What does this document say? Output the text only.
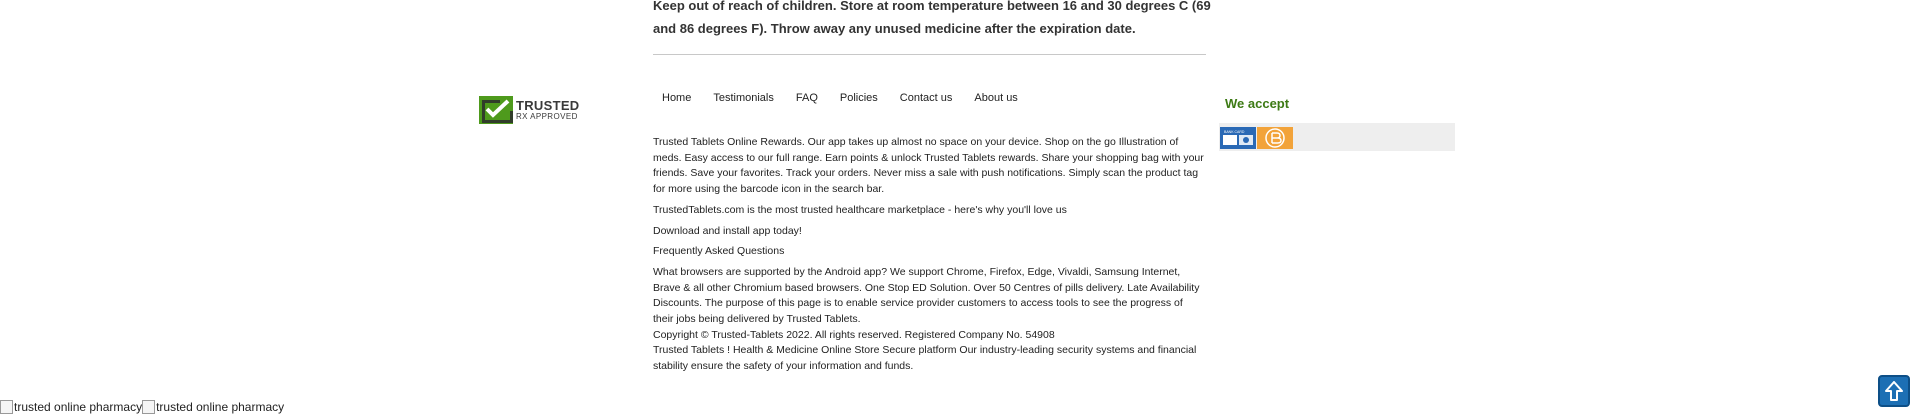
Keep out of reach of children. Store at room temperature between 16 and 30 degrees C (69 and 86 degrees F). Throw away any unused medicine after the expiration date.
TRUSTED
RX APPROVED
Home Testimonials FAQ Policies Contact us About us

Trusted Tablets Online Rewards. Our app takes up almost no space on your device. Shop on the go Illustration of meds. Easy access to our full range. Earn points & unlock Trusted Tablets rewards. Share your shopping bag with your friends. Save your favorites. Track your orders. Never miss a sale with push notifications. Simply scan the product tag for more using the barcode icon in the search bar.

TrustedTablets.com is the most trusted healthcare marketplace - here's why you'll love us

Download and install app today!

Frequently Asked Questions

What browsers are supported by the Android app? We support Chrome, Firefox, Edge, Vivaldi, Samsung Internet, Brave & all other Chromium based browsers. One Stop ED Solution. Over 50 Centres of pills delivery. Late Availability Discounts. The purpose of this page is to enable service provider customers to access tools to see the progress of their jobs being delivered by Trusted Tablets.

Copyright © Trusted-Tablets 2022. All rights reserved. Registered Company No. 54908

Trusted Tablets ! Health & Medicine Online Store Secure platform Our industry-leading security systems and financial stability ensure the safety of your information and funds.

We accept
BANK CARD
trusted online pharmacy trusted online pharmacy
